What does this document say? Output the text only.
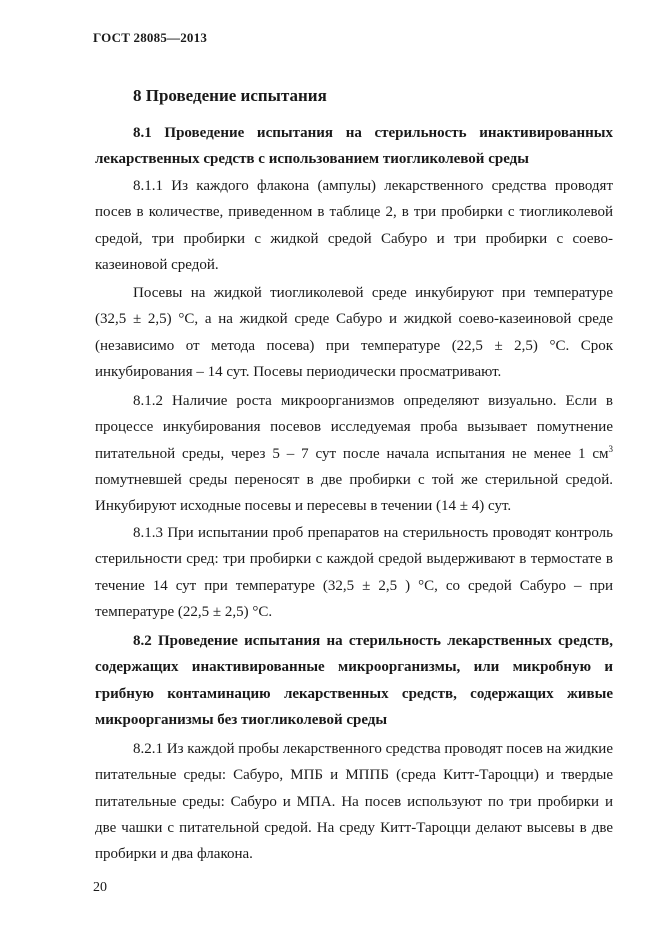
ГОСТ 28085—2013
8 Проведение испытания
8.1 Проведение испытания на стерильность инактивированных лекарственных средств с использованием тиогликолевой среды
8.1.1 Из каждого флакона (ампулы) лекарственного средства проводят посев в количестве, приведенном в таблице 2, в три пробирки с тиогликолевой средой, три пробирки с жидкой средой Сабуро и три пробирки с соево-казеиновой средой.
Посевы на жидкой тиогликолевой среде инкубируют при температуре (32,5 ± 2,5) °С, а на жидкой среде Сабуро и жидкой соево-казеиновой среде (независимо от метода посева) при температуре (22,5 ± 2,5) °С. Срок инкубирования – 14 сут. Посевы периодически просматривают.
8.1.2 Наличие роста микроорганизмов определяют визуально. Если в процессе инкубирования посевов исследуемая проба вызывает помутнение питательной среды, через 5 – 7 сут после начала испытания не менее 1 $см^3$ помутневшей среды переносят в две пробирки с той же стерильной средой. Инкубируют исходные посевы и пересевы в течении (14 ± 4) сут.
8.1.3 При испытании проб препаратов на стерильность проводят контроль стерильности сред: три пробирки с каждой средой выдерживают в термостате в течение 14 сут при температуре (32,5 ± 2,5 ) °С, со средой Сабуро – при температуре (22,5 ± 2,5) °С.
8.2 Проведение испытания на стерильность лекарственных средств, содержащих инактивированные микроорганизмы, или микробную и грибную контаминацию лекарственных средств, содержащих живые микроорганизмы без тиогликолевой среды
8.2.1 Из каждой пробы лекарственного средства проводят посев на жидкие питательные среды: Сабуро, МПБ и МППБ (среда Китт-Тароцци) и твердые питательные среды: Сабуро и МПА. На посев используют по три пробирки и две чашки с питательной средой. На среду Китт-Тароцци делают высевы в две пробирки и два флакона.
20
